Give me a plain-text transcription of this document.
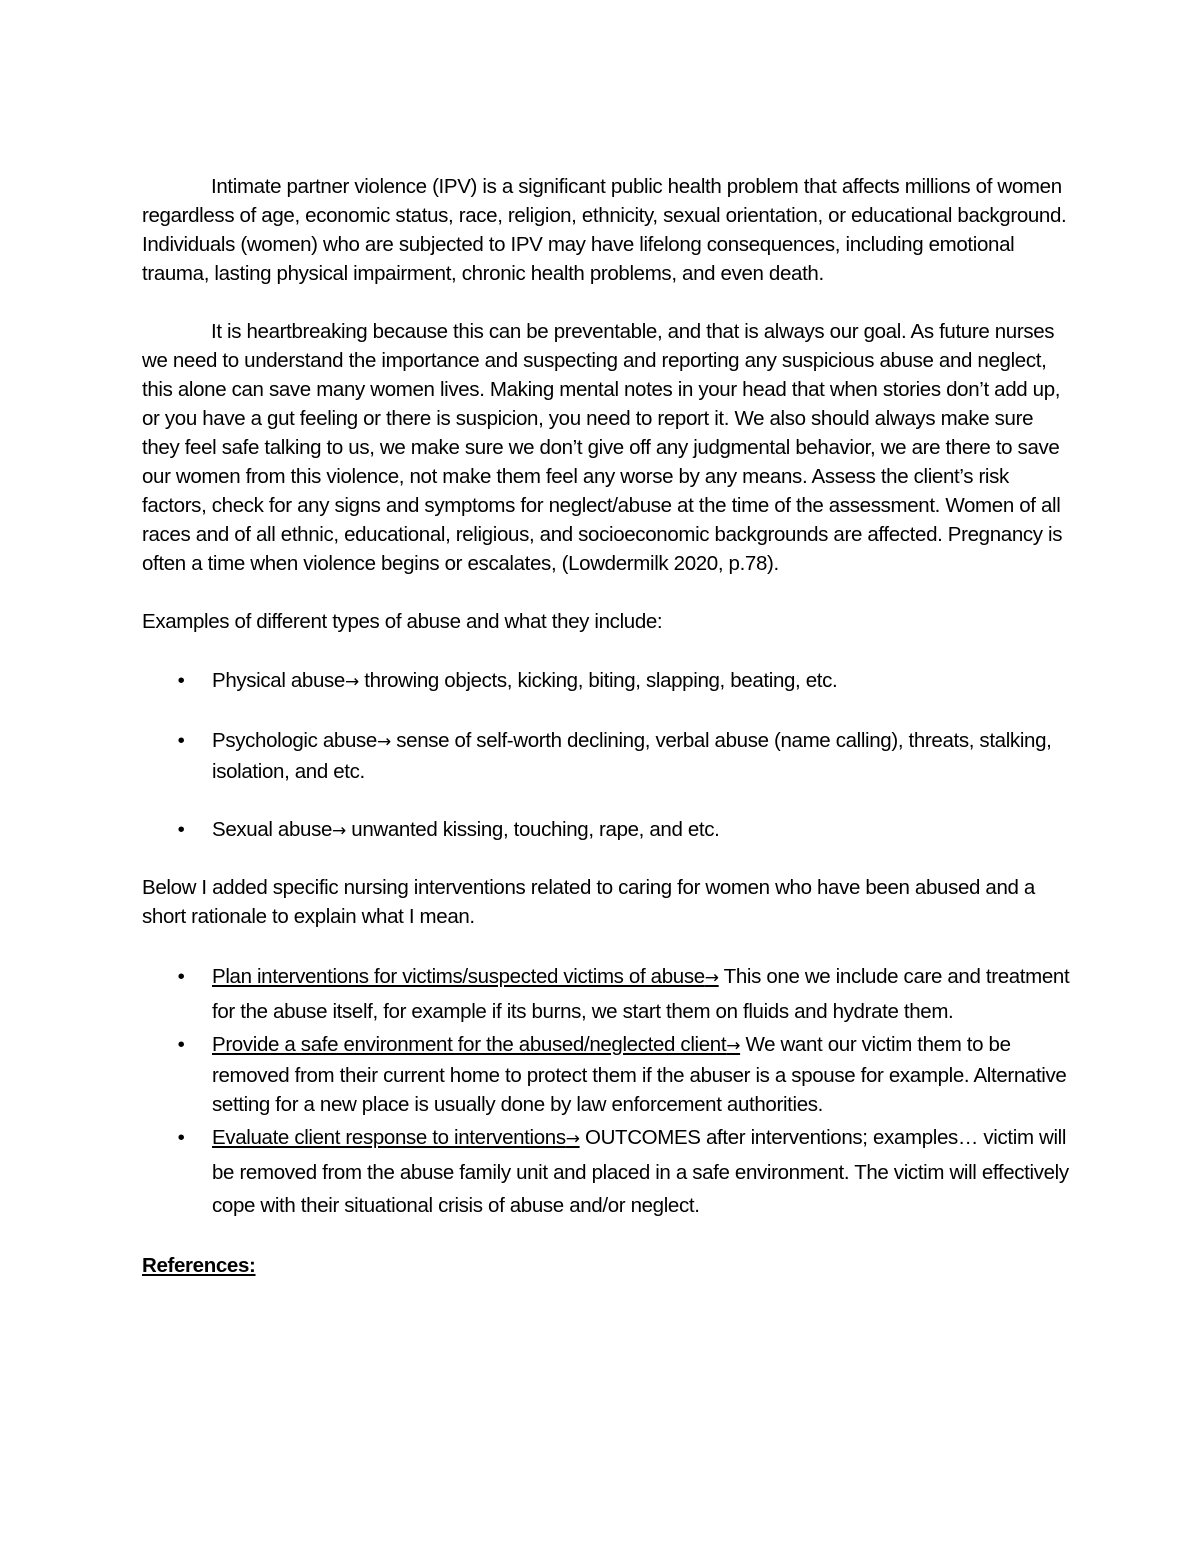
Intimate partner violence (IPV) is a significant public health problem that affects millions of women regardless of age, economic status, race, religion, ethnicity, sexual orientation, or educational background. Individuals (women) who are subjected to IPV may have lifelong consequences, including emotional trauma, lasting physical impairment, chronic health problems, and even death.

It is heartbreaking because this can be preventable, and that is always our goal. As future nurses we need to understand the importance and suspecting and reporting any suspicious abuse and neglect, this alone can save many women lives. Making mental notes in your head that when stories don’t add up, or you have a gut feeling or there is suspicion, you need to report it. We also should always make sure they feel safe talking to us, we make sure we don’t give off any judgmental behavior, we are there to save our women from this violence, not make them feel any worse by any means. Assess the client’s risk factors, check for any signs and symptoms for neglect/abuse at the time of the assessment. Women of all races and of all ethnic, educational, religious, and socioeconomic backgrounds are affected. Pregnancy is often a time when violence begins or escalates, (Lowdermilk 2020, p.78).

Examples of different types of abuse and what they include:

• Physical abuse→ throwing objects, kicking, biting, slapping, beating, etc.
• Psychologic abuse→ sense of self-worth declining, verbal abuse (name calling), threats, stalking, isolation, and etc.
• Sexual abuse→ unwanted kissing, touching, rape, and etc.

Below I added specific nursing interventions related to caring for women who have been abused and a short rationale to explain what I mean.

• Plan interventions for victims/suspected victims of abuse→ This one we include care and treatment for the abuse itself, for example if its burns, we start them on fluids and hydrate them.
• Provide a safe environment for the abused/neglected client→ We want our victim them to be removed from their current home to protect them if the abuser is a spouse for example. Alternative setting for a new place is usually done by law enforcement authorities.
• Evaluate client response to interventions→ OUTCOMES after interventions; examples… victim will be removed from the abuse family unit and placed in a safe environment. The victim will effectively cope with their situational crisis of abuse and/or neglect.

References:
